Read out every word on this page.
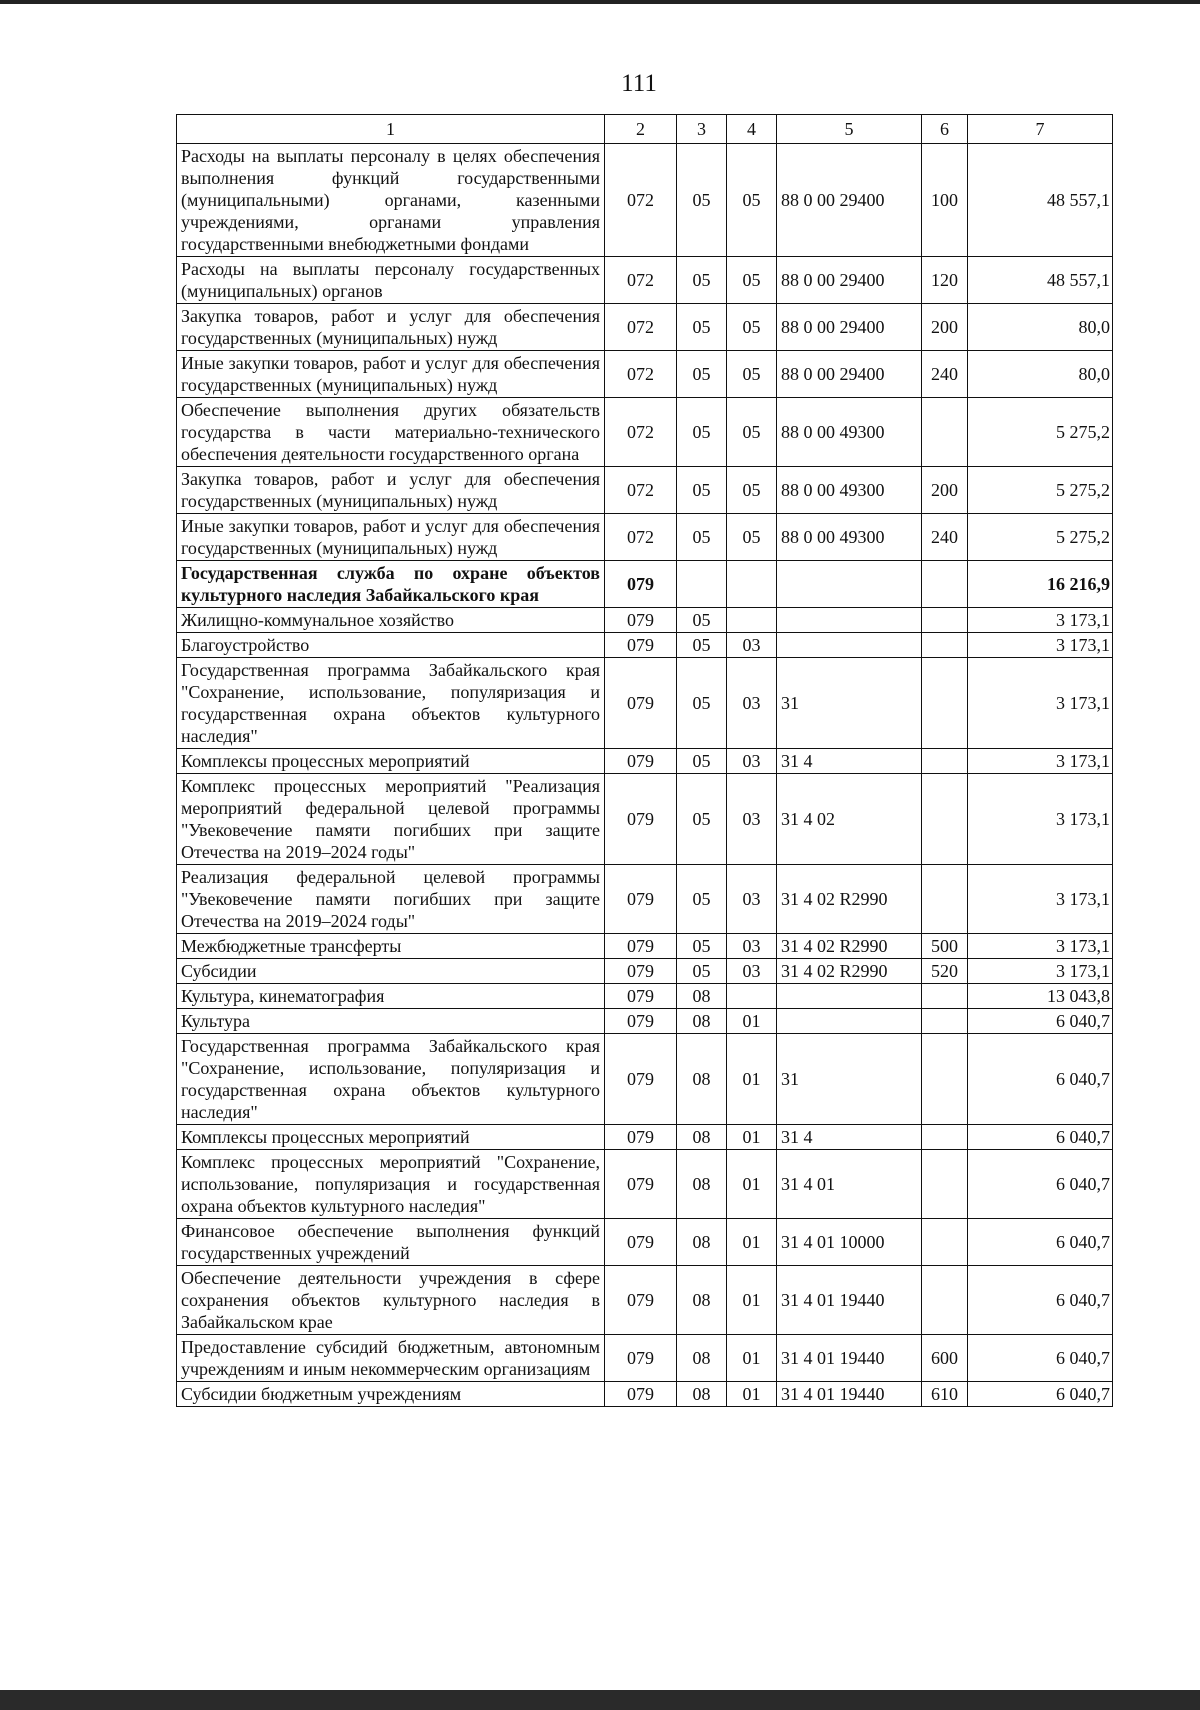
111
1	2	3	4	5	6	7
Расходы на выплаты персоналу в целях обеспечения выполнения функций государственными (муниципальными) органами, казенными учреждениями, органами управления государственными внебюджетными фондами	072	05	05	88 0 00 29400	100	48 557,1
Расходы на выплаты персоналу государственных (муниципальных) органов	072	05	05	88 0 00 29400	120	48 557,1
Закупка товаров, работ и услуг для обеспечения государственных (муниципальных) нужд	072	05	05	88 0 00 29400	200	80,0
Иные закупки товаров, работ и услуг для обеспечения государственных (муниципальных) нужд	072	05	05	88 0 00 29400	240	80,0
Обеспечение выполнения других обязательств государства в части материально-технического обеспечения деятельности государственного органа	072	05	05	88 0 00 49300		5 275,2
Закупка товаров, работ и услуг для обеспечения государственных (муниципальных) нужд	072	05	05	88 0 00 49300	200	5 275,2
Иные закупки товаров, работ и услуг для обеспечения государственных (муниципальных) нужд	072	05	05	88 0 00 49300	240	5 275,2
Государственная служба по охране объектов культурного наследия Забайкальского края	079					16 216,9
Жилищно-коммунальное хозяйство	079	05				3 173,1
Благоустройство	079	05	03			3 173,1
Государственная программа Забайкальского края "Сохранение, использование, популяризация и государственная охрана объектов культурного наследия"	079	05	03	31		3 173,1
Комплексы процессных мероприятий	079	05	03	31 4		3 173,1
Комплекс процессных мероприятий "Реализация мероприятий федеральной целевой программы "Увековечение памяти погибших при защите Отечества на 2019–2024 годы"	079	05	03	31 4 02		3 173,1
Реализация федеральной целевой программы "Увековечение памяти погибших при защите Отечества на 2019–2024 годы"	079	05	03	31 4 02 R2990		3 173,1
Межбюджетные трансферты	079	05	03	31 4 02 R2990	500	3 173,1
Субсидии	079	05	03	31 4 02 R2990	520	3 173,1
Культура, кинематография	079	08				13 043,8
Культура	079	08	01			6 040,7
Государственная программа Забайкальского края "Сохранение, использование, популяризация и государственная охрана объектов культурного наследия"	079	08	01	31		6 040,7
Комплексы процессных мероприятий	079	08	01	31 4		6 040,7
Комплекс процессных мероприятий "Сохранение, использование, популяризация и государственная охрана объектов культурного наследия"	079	08	01	31 4 01		6 040,7
Финансовое обеспечение выполнения функций государственных учреждений	079	08	01	31 4 01 10000		6 040,7
Обеспечение деятельности учреждения в сфере сохранения объектов культурного наследия в Забайкальском крае	079	08	01	31 4 01 19440		6 040,7
Предоставление субсидий бюджетным, автономным учреждениям и иным некоммерческим организациям	079	08	01	31 4 01 19440	600	6 040,7
Субсидии бюджетным учреждениям	079	08	01	31 4 01 19440	610	6 040,7
